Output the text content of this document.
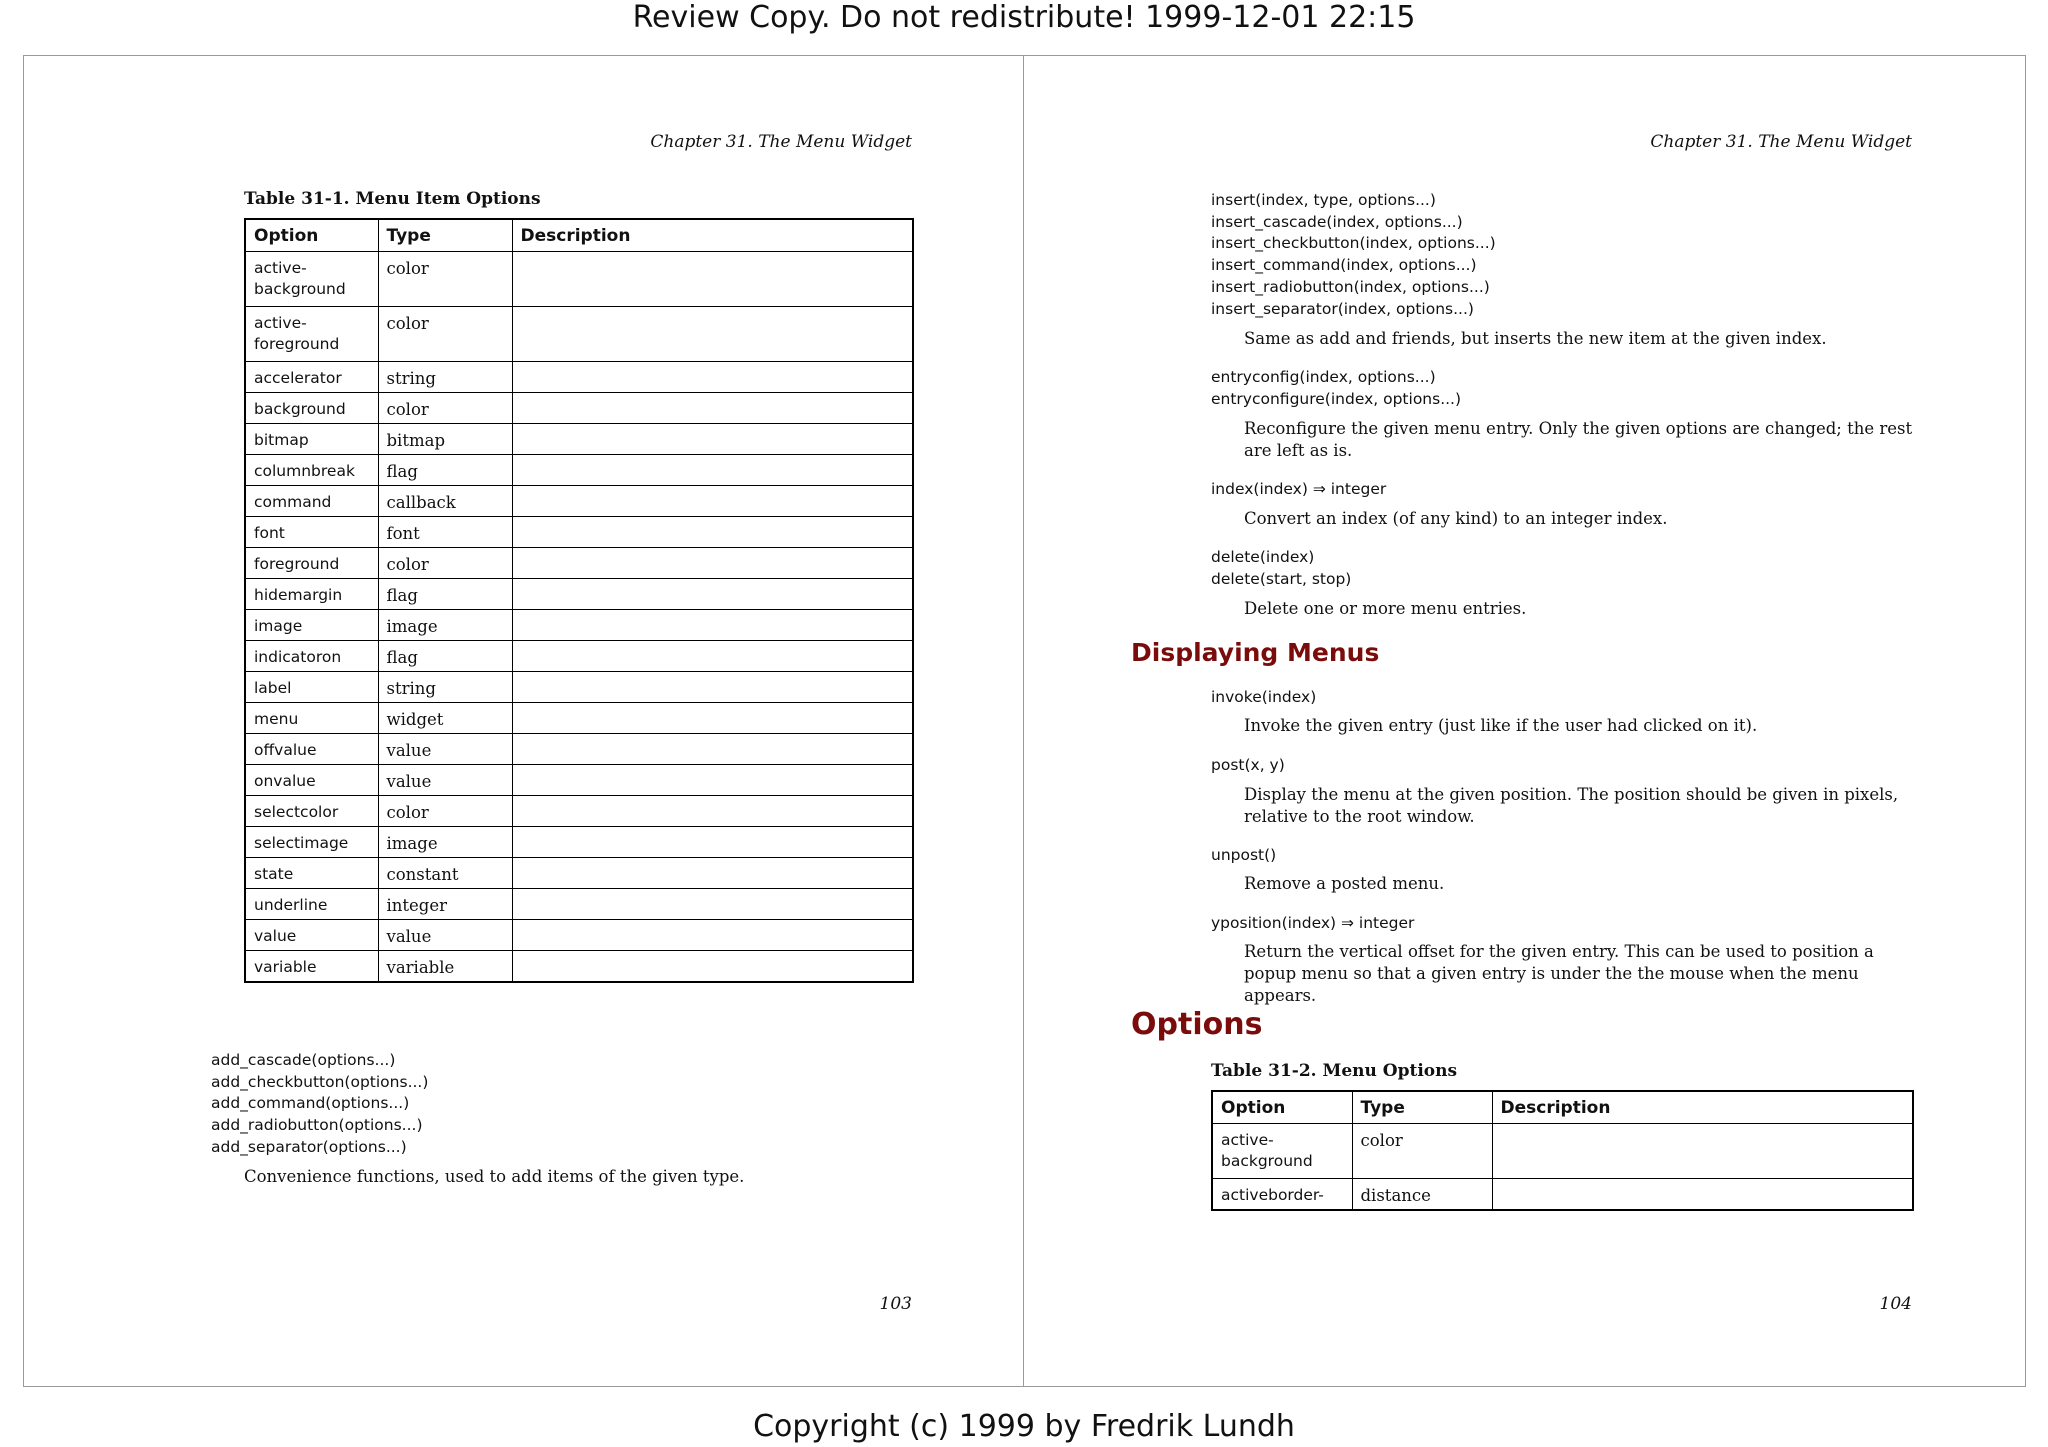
Review Copy. Do not redistribute! 1999-12-01 22:15
Chapter 31. The Menu Widget
Table 31-1. Menu Item Options
Option	Type	Description
active-
background	color	
active-
foreground	color	
accelerator	string	
background	color	
bitmap	bitmap	
columnbreak	flag	
command	callback	
font	font	
foreground	color	
hidemargin	flag	
image	image	
indicatoron	flag	
label	string	
menu	widget	
offvalue	value	
onvalue	value	
selectcolor	color	
selectimage	image	
state	constant	
underline	integer	
value	value	
variable	variable	
add_cascade(options...)
add_checkbutton(options...)
add_command(options...)
add_radiobutton(options...)
add_separator(options...)
Convenience functions, used to add items of the given type.
103
Chapter 31. The Menu Widget
insert(index, type, options...)
insert_cascade(index, options...)
insert_checkbutton(index, options...)
insert_command(index, options...)
insert_radiobutton(index, options...)
insert_separator(index, options...)
Same as add and friends, but inserts the new item at the given index.
entryconfig(index, options...)
entryconfigure(index, options...)
Reconfigure the given menu entry. Only the given options are changed; the rest are left as is.
index(index) ⇒ integer
Convert an index (of any kind) to an integer index.
delete(index)
delete(start, stop)
Delete one or more menu entries.
Displaying Menus
invoke(index)
Invoke the given entry (just like if the user had clicked on it).
post(x, y)
Display the menu at the given position. The position should be given in pixels, relative to the root window.
unpost()
Remove a posted menu.
yposition(index) ⇒ integer
Return the vertical offset for the given entry. This can be used to position a popup menu so that a given entry is under the the mouse when the menu appears.
Options
Table 31-2. Menu Options
Option	Type	Description
active-
background	color	
activeborder-	distance	
104
Copyright (c) 1999 by Fredrik Lundh
